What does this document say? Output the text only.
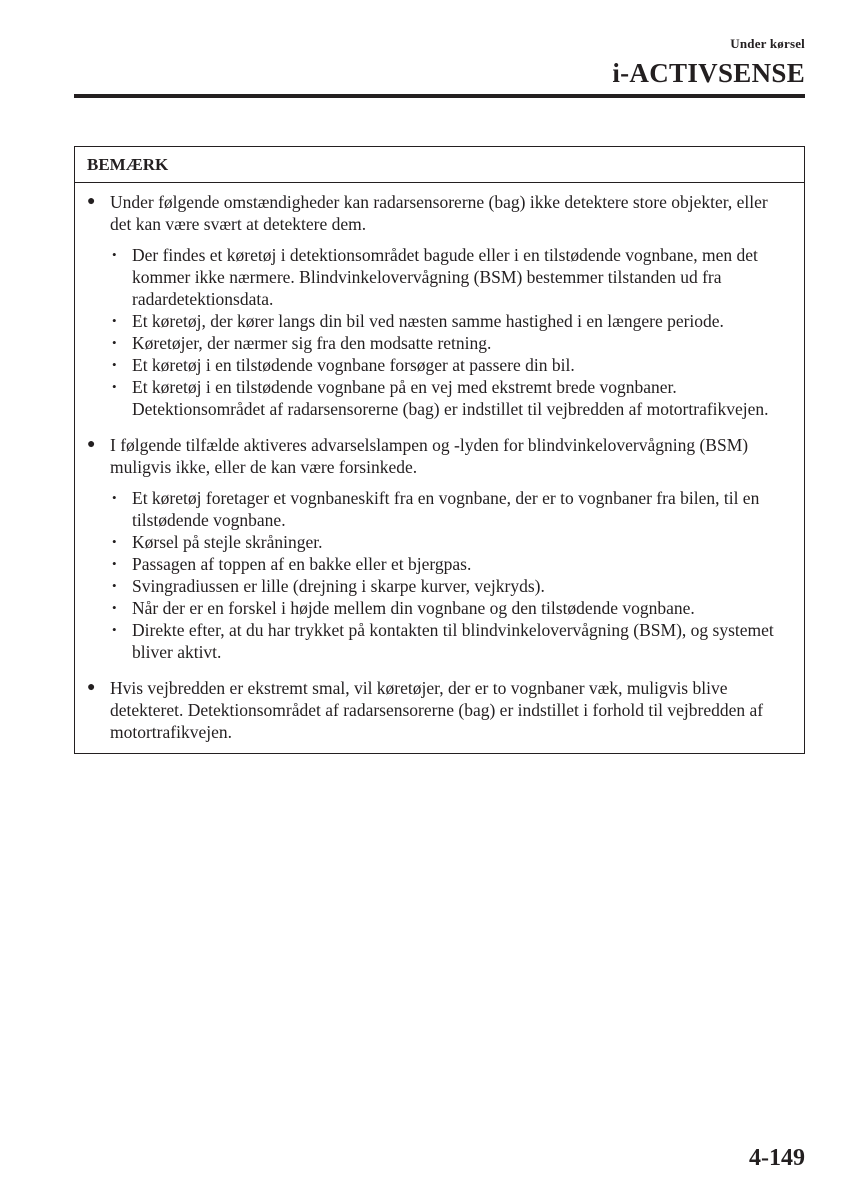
Under kørsel
i-ACTIVSENSE
BEMÆRK
● Under følgende omstændigheder kan radarsensorerne (bag) ikke detektere store objekter, eller det kan være svært at detektere dem.
• Der findes et køretøj i detektionsområdet bagude eller i en tilstødende vognbane, men det kommer ikke nærmere. Blindvinkelovervågning (BSM) bestemmer tilstanden ud fra radardetektionsdata.
• Et køretøj, der kører langs din bil ved næsten samme hastighed i en længere periode.
• Køretøjer, der nærmer sig fra den modsatte retning.
• Et køretøj i en tilstødende vognbane forsøger at passere din bil.
• Et køretøj i en tilstødende vognbane på en vej med ekstremt brede vognbaner. Detektionsområdet af radarsensorerne (bag) er indstillet til vejbredden af motortrafikvejen.
● I følgende tilfælde aktiveres advarselslampen og -lyden for blindvinkelovervågning (BSM) muligvis ikke, eller de kan være forsinkede.
• Et køretøj foretager et vognbaneskift fra en vognbane, der er to vognbaner fra bilen, til en tilstødende vognbane.
• Kørsel på stejle skråninger.
• Passagen af toppen af en bakke eller et bjergpas.
• Svingradiussen er lille (drejning i skarpe kurver, vejkryds).
• Når der er en forskel i højde mellem din vognbane og den tilstødende vognbane.
• Direkte efter, at du har trykket på kontakten til blindvinkelovervågning (BSM), og systemet bliver aktivt.
● Hvis vejbredden er ekstremt smal, vil køretøjer, der er to vognbaner væk, muligvis blive detekteret. Detektionsområdet af radarsensorerne (bag) er indstillet i forhold til vejbredden af motortrafikvejen.
4-149
